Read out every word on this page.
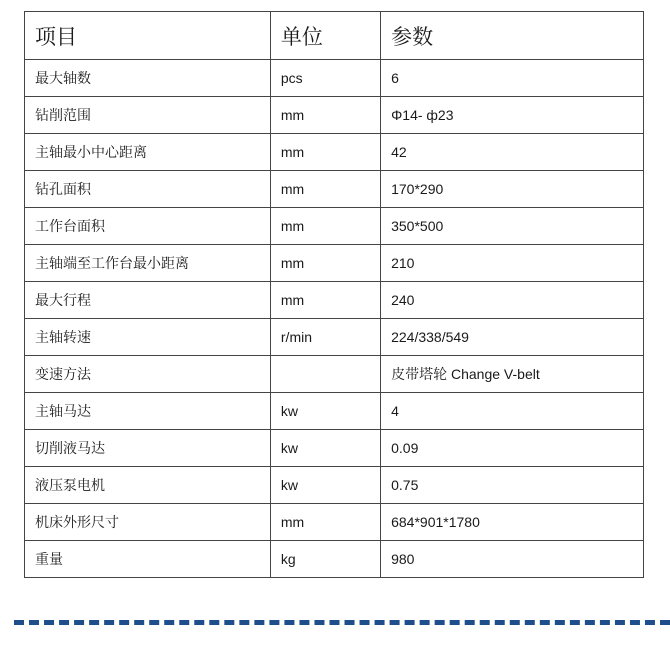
项目	单位	参数
最大轴数	pcs	6
钻削范围	mm	Φ14- ф23
主轴最小中心距离	mm	42
钻孔面积	mm	170*290
工作台面积	mm	350*500
主轴端至工作台最小距离	mm	210
最大行程	mm	240
主轴转速	r/min	224/338/549
变速方法		皮带塔轮 Change V-belt
主轴马达	kw	4
切削液马达	kw	0.09
液压泵电机	kw	0.75
机床外形尺寸	mm	684*901*1780
重量	kg	980
